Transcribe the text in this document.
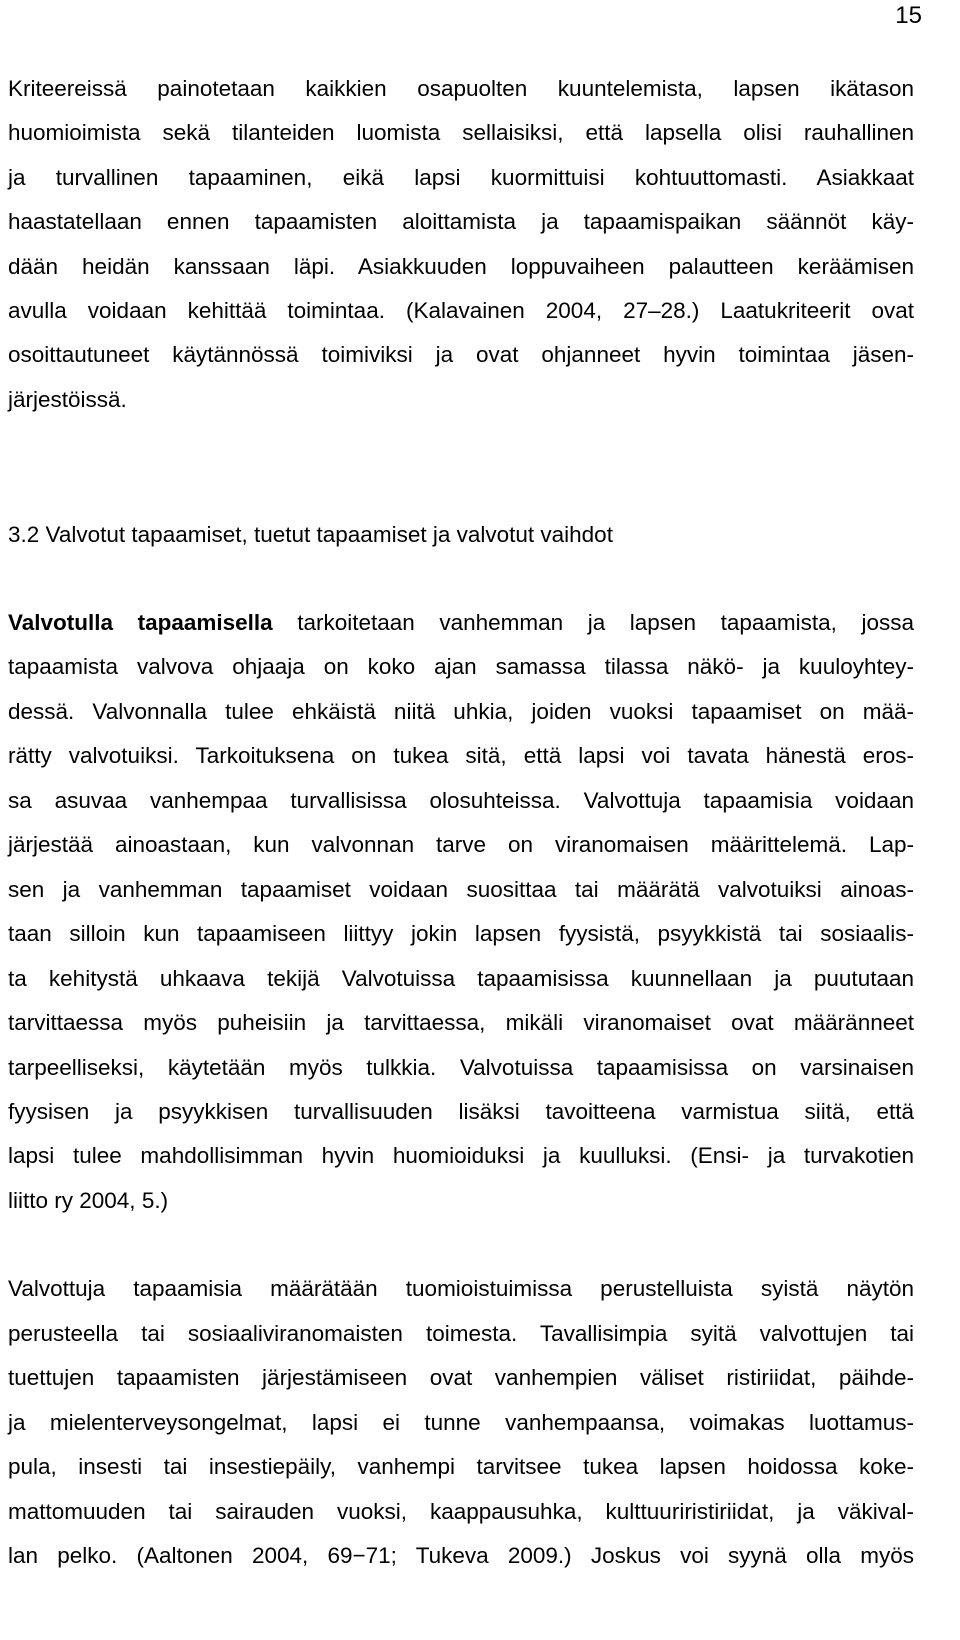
15
Kriteereissä painotetaan kaikkien osapuolten kuuntelemista, lapsen ikätason
huomioimista sekä tilanteiden luomista sellaisiksi, että lapsella olisi rauhallinen
ja turvallinen tapaaminen, eikä lapsi kuormittuisi kohtuuttomasti. Asiakkaat
haastatellaan ennen tapaamisten aloittamista ja tapaamispaikan säännöt käy-
dään heidän kanssaan läpi. Asiakkuuden loppuvaiheen palautteen keräämisen
avulla voidaan kehittää toimintaa. (Kalavainen 2004, 27–28.) Laatukriteerit ovat
osoittautuneet käytännössä toimiviksi ja ovat ohjanneet hyvin toimintaa jäsen-
järjestöissä.
3.2 Valvotut tapaamiset, tuetut tapaamiset ja valvotut vaihdot
Valvotulla tapaamisella tarkoitetaan vanhemman ja lapsen tapaamista, jossa
tapaamista valvova ohjaaja on koko ajan samassa tilassa näkö- ja kuuloyhtey-
dessä. Valvonnalla tulee ehkäistä niitä uhkia, joiden vuoksi tapaamiset on mää-
rätty valvotuiksi. Tarkoituksena on tukea sitä, että lapsi voi tavata hänestä eros-
sa asuvaa vanhempaa turvallisissa olosuhteissa. Valvottuja tapaamisia voidaan
järjestää ainoastaan, kun valvonnan tarve on viranomaisen määrittelemä. Lap-
sen ja vanhemman tapaamiset voidaan suosittaa tai määrätä valvotuiksi ainoas-
taan silloin kun tapaamiseen liittyy jokin lapsen fyysistä, psyykkistä tai sosiaalis-
ta kehitystä uhkaava tekijä Valvotuissa tapaamisissa kuunnellaan ja puututaan
tarvittaessa myös puheisiin ja tarvittaessa, mikäli viranomaiset ovat määränneet
tarpeelliseksi, käytetään myös tulkkia. Valvotuissa tapaamisissa on varsinaisen
fyysisen ja psyykkisen turvallisuuden lisäksi tavoitteena varmistua siitä, että
lapsi tulee mahdollisimman hyvin huomioiduksi ja kuulluksi. (Ensi- ja turvakotien
liitto ry 2004, 5.)
Valvottuja tapaamisia määrätään tuomioistuimissa perustelluista syistä näytön
perusteella tai sosiaaliviranomaisten toimesta. Tavallisimpia syitä valvottujen tai
tuettujen tapaamisten järjestämiseen ovat vanhempien väliset ristiriidat, päihde-
ja mielenterveysongelmat, lapsi ei tunne vanhempaansa, voimakas luottamus-
pula, insesti tai insestiepäily, vanhempi tarvitsee tukea lapsen hoidossa koke-
mattomuuden tai sairauden vuoksi, kaappausuhka, kulttuuriristiriidat, ja väkival-
lan pelko. (Aaltonen 2004, 69−71; Tukeva 2009.) Joskus voi syynä olla myös
